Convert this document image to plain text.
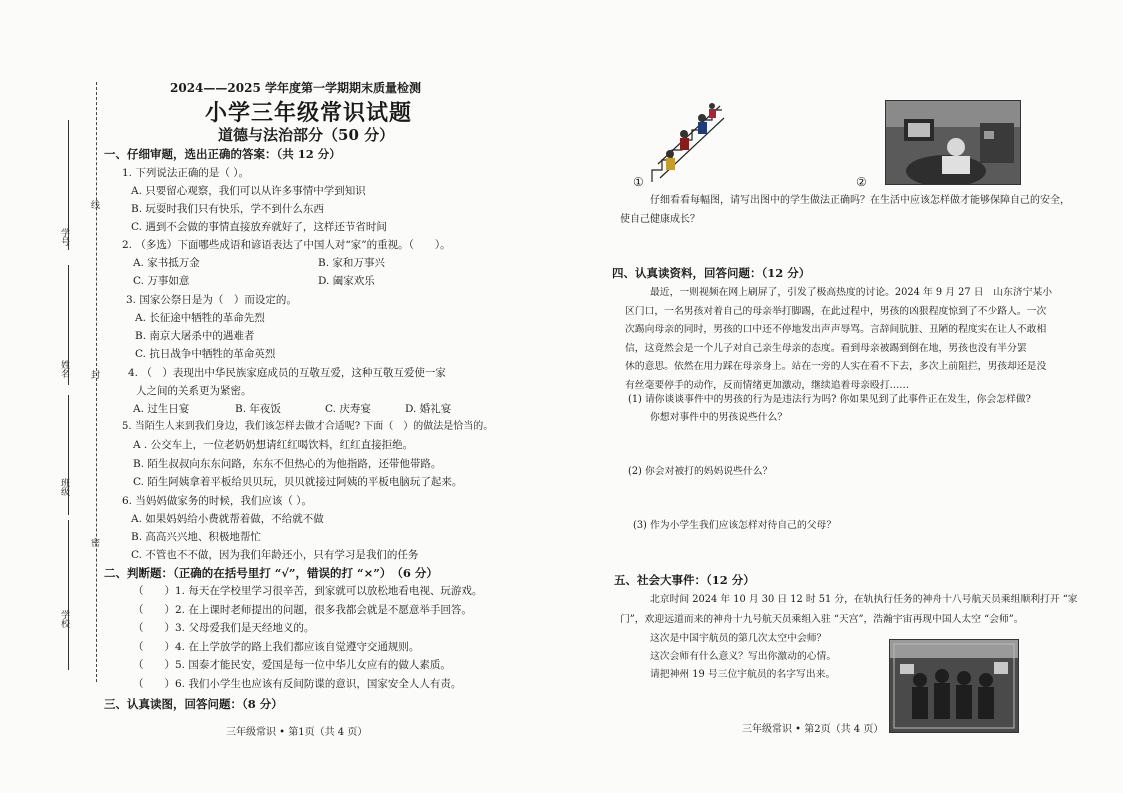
学号
姓名
班级
学校
线
封
密
2024——2025 学年度第一学期期末质量检测
小学三年级常识试题
道德与法治部分（50 分）
一、仔细审题，选出正确的答案：（共 12 分）
1. 下列说法正确的是（ ）。
A. 只要留心观察，我们可以从许多事情中学到知识
B. 玩耍时我们只有快乐，学不到什么东西
C. 遇到不会做的事情直接放弃就好了，这样还节省时间
2. （多选）下面哪些成语和谚语表达了中国人对“家”的重视。（　　）。
A. 家书抵万金	B. 家和万事兴
C. 万事如意	D. 阖家欢乐
3. 国家公祭日是为（　）而设定的。
A. 长征途中牺牲的革命先烈
B. 南京大屠杀中的遇难者
C. 抗日战争中牺牲的革命英烈
4. （　）表现出中华民族家庭成员的互敬互爱，这种互敬互爱使一家
人之间的关系更为紧密。
A. 过生日宴	B. 年夜饭	C. 庆寿宴	D. 婚礼宴
5. 当陌生人来到我们身边，我们该怎样去做才合适呢? 下面（　）的做法是恰当的。
A . 公交车上，一位老奶奶想请红红喝饮料，红红直接拒绝。
B. 陌生叔叔向东东问路，东东不但热心的为他指路，还带他带路。
C. 陌生阿姨拿着平板给贝贝玩，贝贝就接过阿姨的平板电脑玩了起来。
6. 当妈妈做家务的时候，我们应该（ ）。
A. 如果妈妈给小费就帮着做，不给就不做
B. 高高兴兴地、积极地帮忙
C. 不管也不不做，因为我们年龄还小，只有学习是我们的任务
二、判断题：（正确的在括号里打 “√”，错误的打 “×”）　（6 分）
（　　）1. 每天在学校里学习很辛苦，到家就可以放松地看电视、玩游戏。
（　　）2. 在上课时老师提出的问题，很多我都会就是不愿意举手回答。
（　　）3. 父母爱我们是天经地义的。
（　　）4. 在上学放学的路上我们都应该自觉遵守交通规则。
（　　）5. 国泰才能民安，爱国是每一位中华儿女应有的做人素质。
（　　）6. 我们小学生也应该有反间防谍的意识，国家安全人人有责。
三、认真读图，回答问题：（8 分）
三年级常识 • 第1页（共 4 页）
①	②
仔细看看每幅图，请写出图中的学生做法正确吗？在生活中应该怎样做才能够保障自己的安全，
使自己健康成长？
四、认真读资料，回答问题：（12 分）
最近，一则视频在网上刷屏了，引发了极高热度的讨论。2024 年 9 月 27 日　山东济宁某小
区门口，一名男孩对着自己的母亲举打脚踢，在此过程中，男孩的凶狠程度惊到了不少路人。一次
次踢向母亲的同时，男孩的口中还不停地发出声声辱骂。言辞间肮脏、丑陋的程度实在让人不敢相
信，这竟然会是一个儿子对自己亲生母亲的态度。看到母亲被踢到倒在地，男孩也没有半分罢
休的意思。依然在用力踩在母亲身上。站在一旁的人实在看不下去，多次上前阻拦，男孩却还是没
有丝毫要停手的动作，反而情绪更加激动，继续追着母亲殴打……
(1) 请你谈谈事件中的男孩的行为是违法行为吗? 你如果见到了此事件正在发生，你会怎样做?
你想对事件中的男孩说些什么？
(2) 你会对被打的妈妈说些什么？
(3) 作为小学生我们应该怎样对待自己的父母？
五、社会大事件：（12 分）
北京时间 2024 年 10 月 30 日 12 时 51 分，在轨执行任务的神舟十八号航天员乘组顺利打开 “家
门”，欢迎远道而来的神舟十九号航天员乘组入驻 “天宫”，浩瀚宇宙再现中国人太空 “会师”。
这次是中国宇航员的第几次太空中会师？
这次会师有什么意义？写出你激动的心情。
请把神州 19 号三位宇航员的名字写出来。
三年级常识 • 第2页（共 4 页）
